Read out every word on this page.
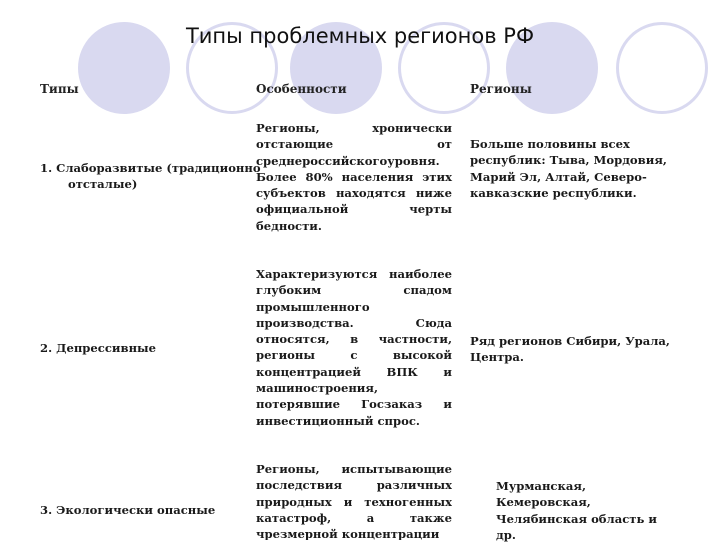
Типы проблемных регионов РФ
Типы	Особенности	Регионы
1. Слаборазвитые (традиционно отсталые)
Регионы, хронически отстающие от среднероссийскогоуровня. Более 80% населения этих субъектов находятся ниже официальной черты бедности.
Больше половины всех республик: Тыва, Мордовия, Марий Эл, Алтай, Северо-кавказские республики.
2. Депрессивные
Характеризуются наиболее глубоким спадом промышленного производства. Сюда относятся, в частности, регионы с высокой концентрацией ВПК и машиностроения, потерявшие Госзаказ и инвестиционный спрос.
Ряд регионов Сибири, Урала, Центра.
3. Экологически опасные
Регионы, испытывающие последствия различных природных и техногенных катастроф, а также чрезмерной концентрации
Мурманская, Кемеровская, Челябинская область и др.
